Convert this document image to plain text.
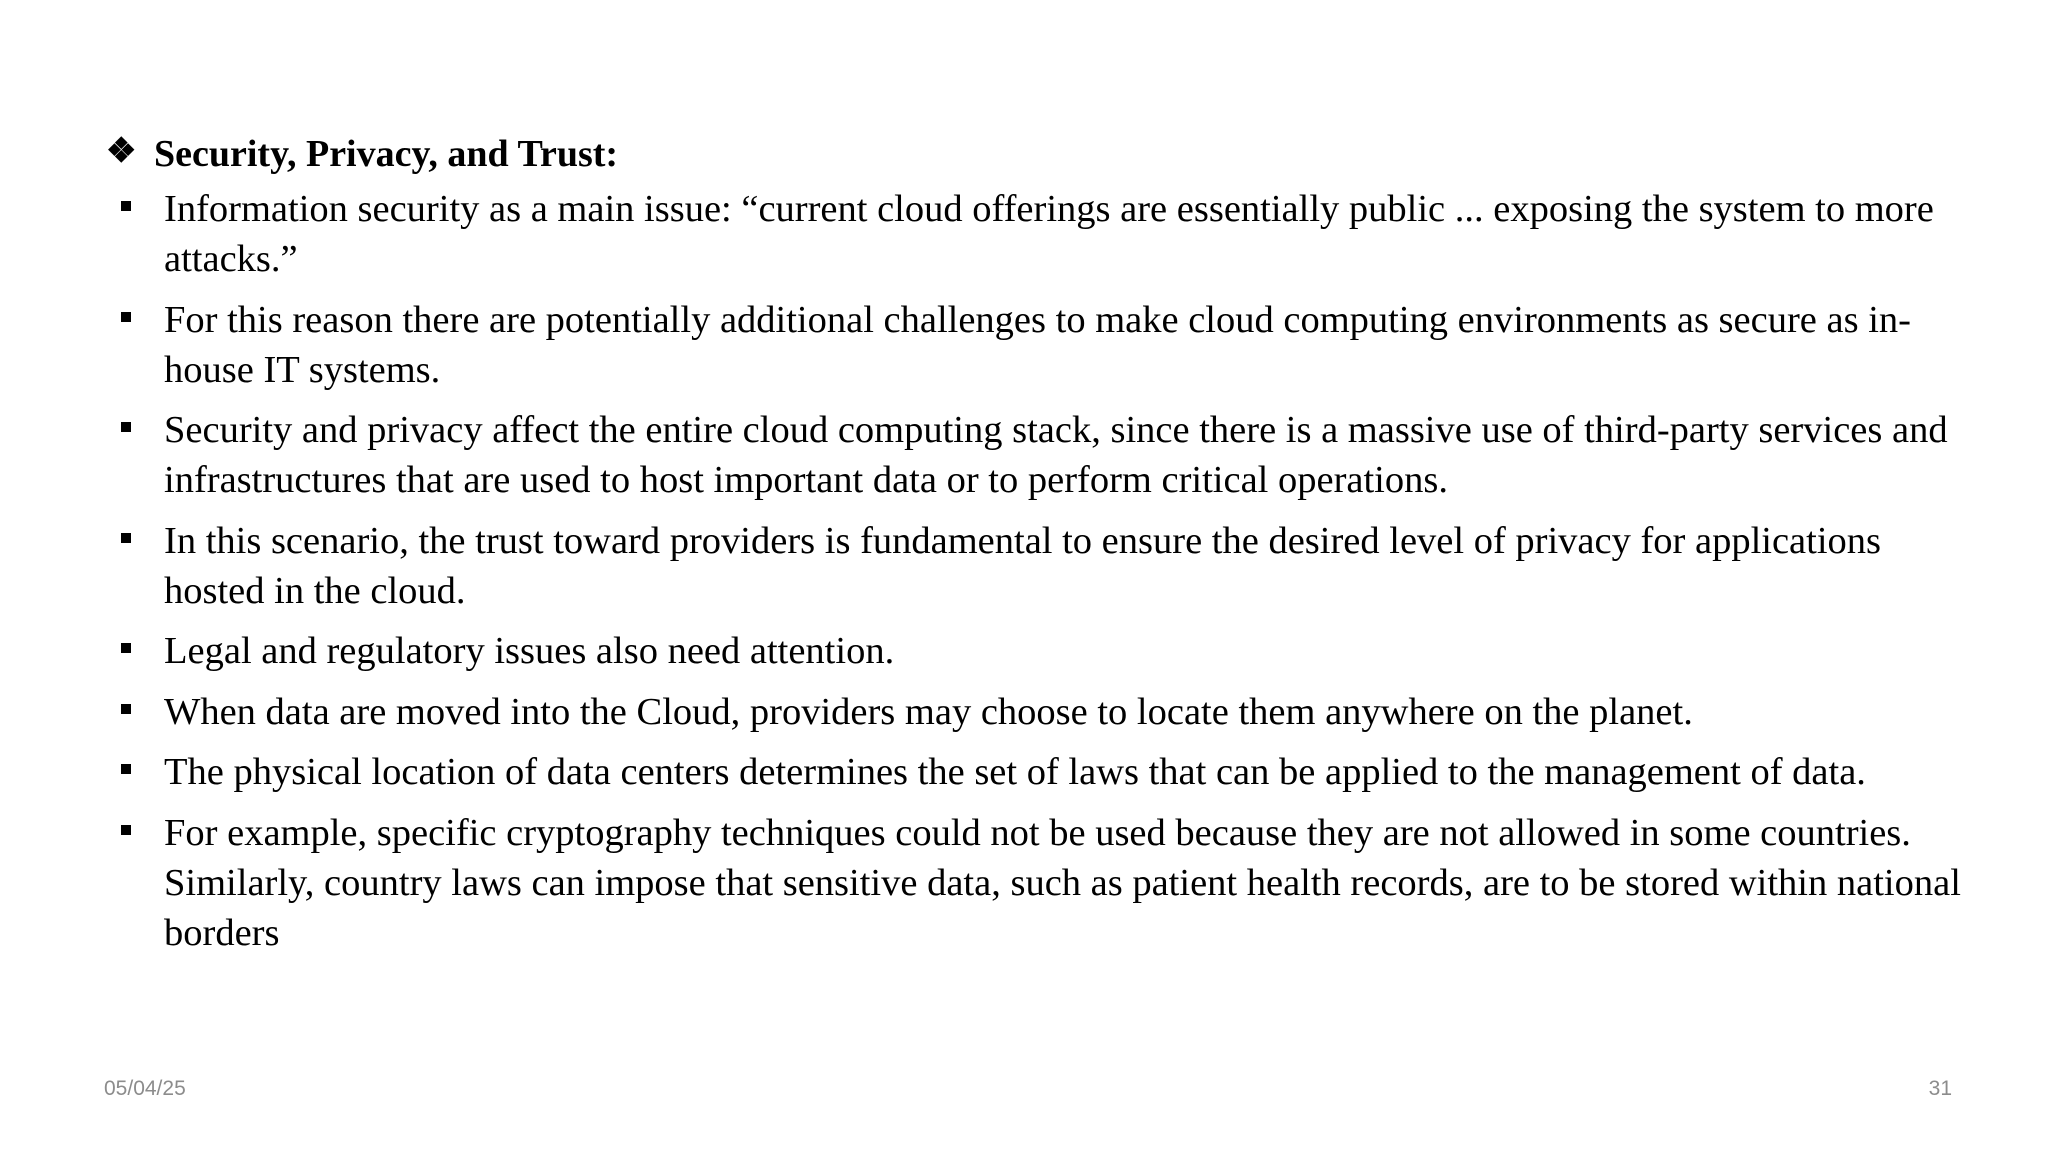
❖ Security, Privacy, and Trust:
Information security as a main issue: “current cloud offerings are essentially public ... exposing the system to more attacks.”
For this reason there are potentially additional challenges to make cloud computing environments as secure as in-house IT systems.
Security and privacy affect the entire cloud computing stack, since there is a massive use of third-party services and infrastructures that are used to host important data or to perform critical operations.
In this scenario, the trust toward providers is fundamental to ensure the desired level of privacy for applications hosted in the cloud.
Legal and regulatory issues also need attention.
When data are moved into the Cloud, providers may choose to locate them anywhere on the planet.
The physical location of data centers determines the set of laws that can be applied to the management of data.
For example, specific cryptography techniques could not be used because they are not allowed in some countries. Similarly, country laws can impose that sensitive data, such as patient health records, are to be stored within national borders
05/04/25	31
